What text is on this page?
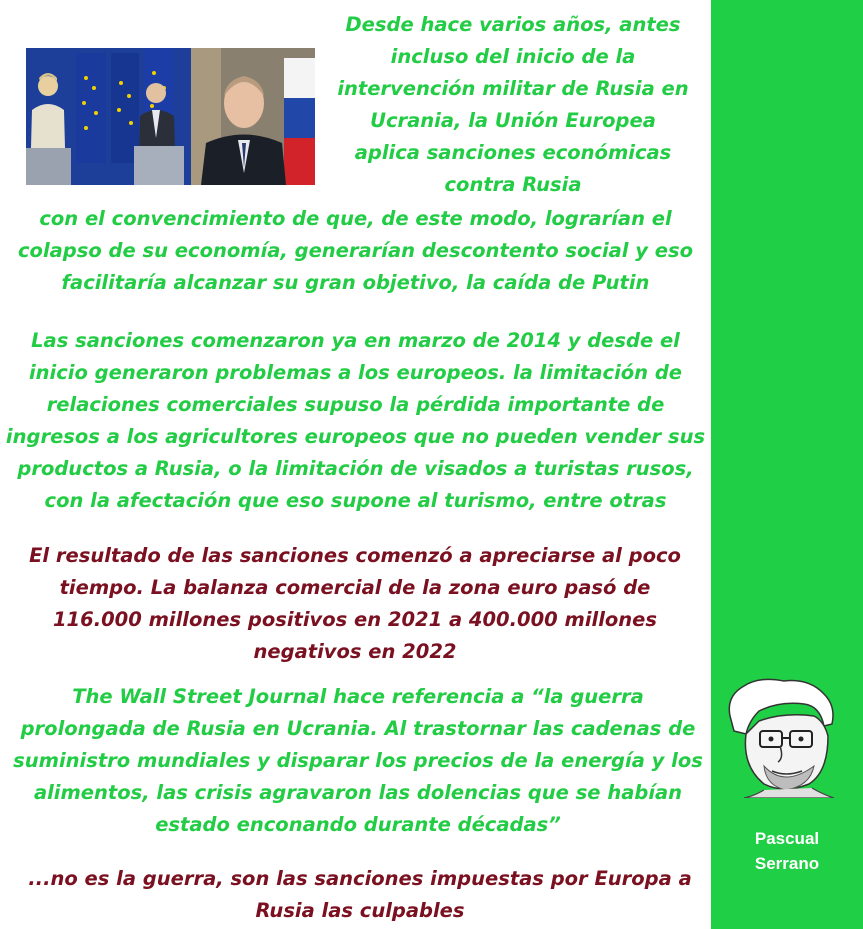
Desde hace varios años, antes incluso del inicio de la intervención militar de Rusia en Ucrania, la Unión Europea aplica sanciones económicas contra Rusia

con el convencimiento de que, de este modo, lograrían el colapso de su economía, generarían descontento social y eso facilitaría alcanzar su gran objetivo, la caída de Putin

Las sanciones comenzaron ya en marzo de 2014 y desde el inicio generaron problemas a los europeos. la limitación de relaciones comerciales supuso la pérdida importante de ingresos a los agricultores europeos que no pueden vender sus productos a Rusia, o la limitación de visados a turistas rusos, con la afectación que eso supone al turismo, entre otras

El resultado de las sanciones comenzó a apreciarse al poco tiempo. La balanza comercial de la zona euro pasó de 116.000 millones positivos en 2021 a 400.000 millones negativos en 2022

The Wall Street Journal hace referencia a “la guerra prolongada de Rusia en Ucrania. Al trastornar las cadenas de suministro mundiales y disparar los precios de la energía y los alimentos, las crisis agravaron las dolencias que se habían estado enconando durante décadas”

...no es la guerra, son las sanciones impuestas por Europa a Rusia las culpables

Pascual
Serrano
